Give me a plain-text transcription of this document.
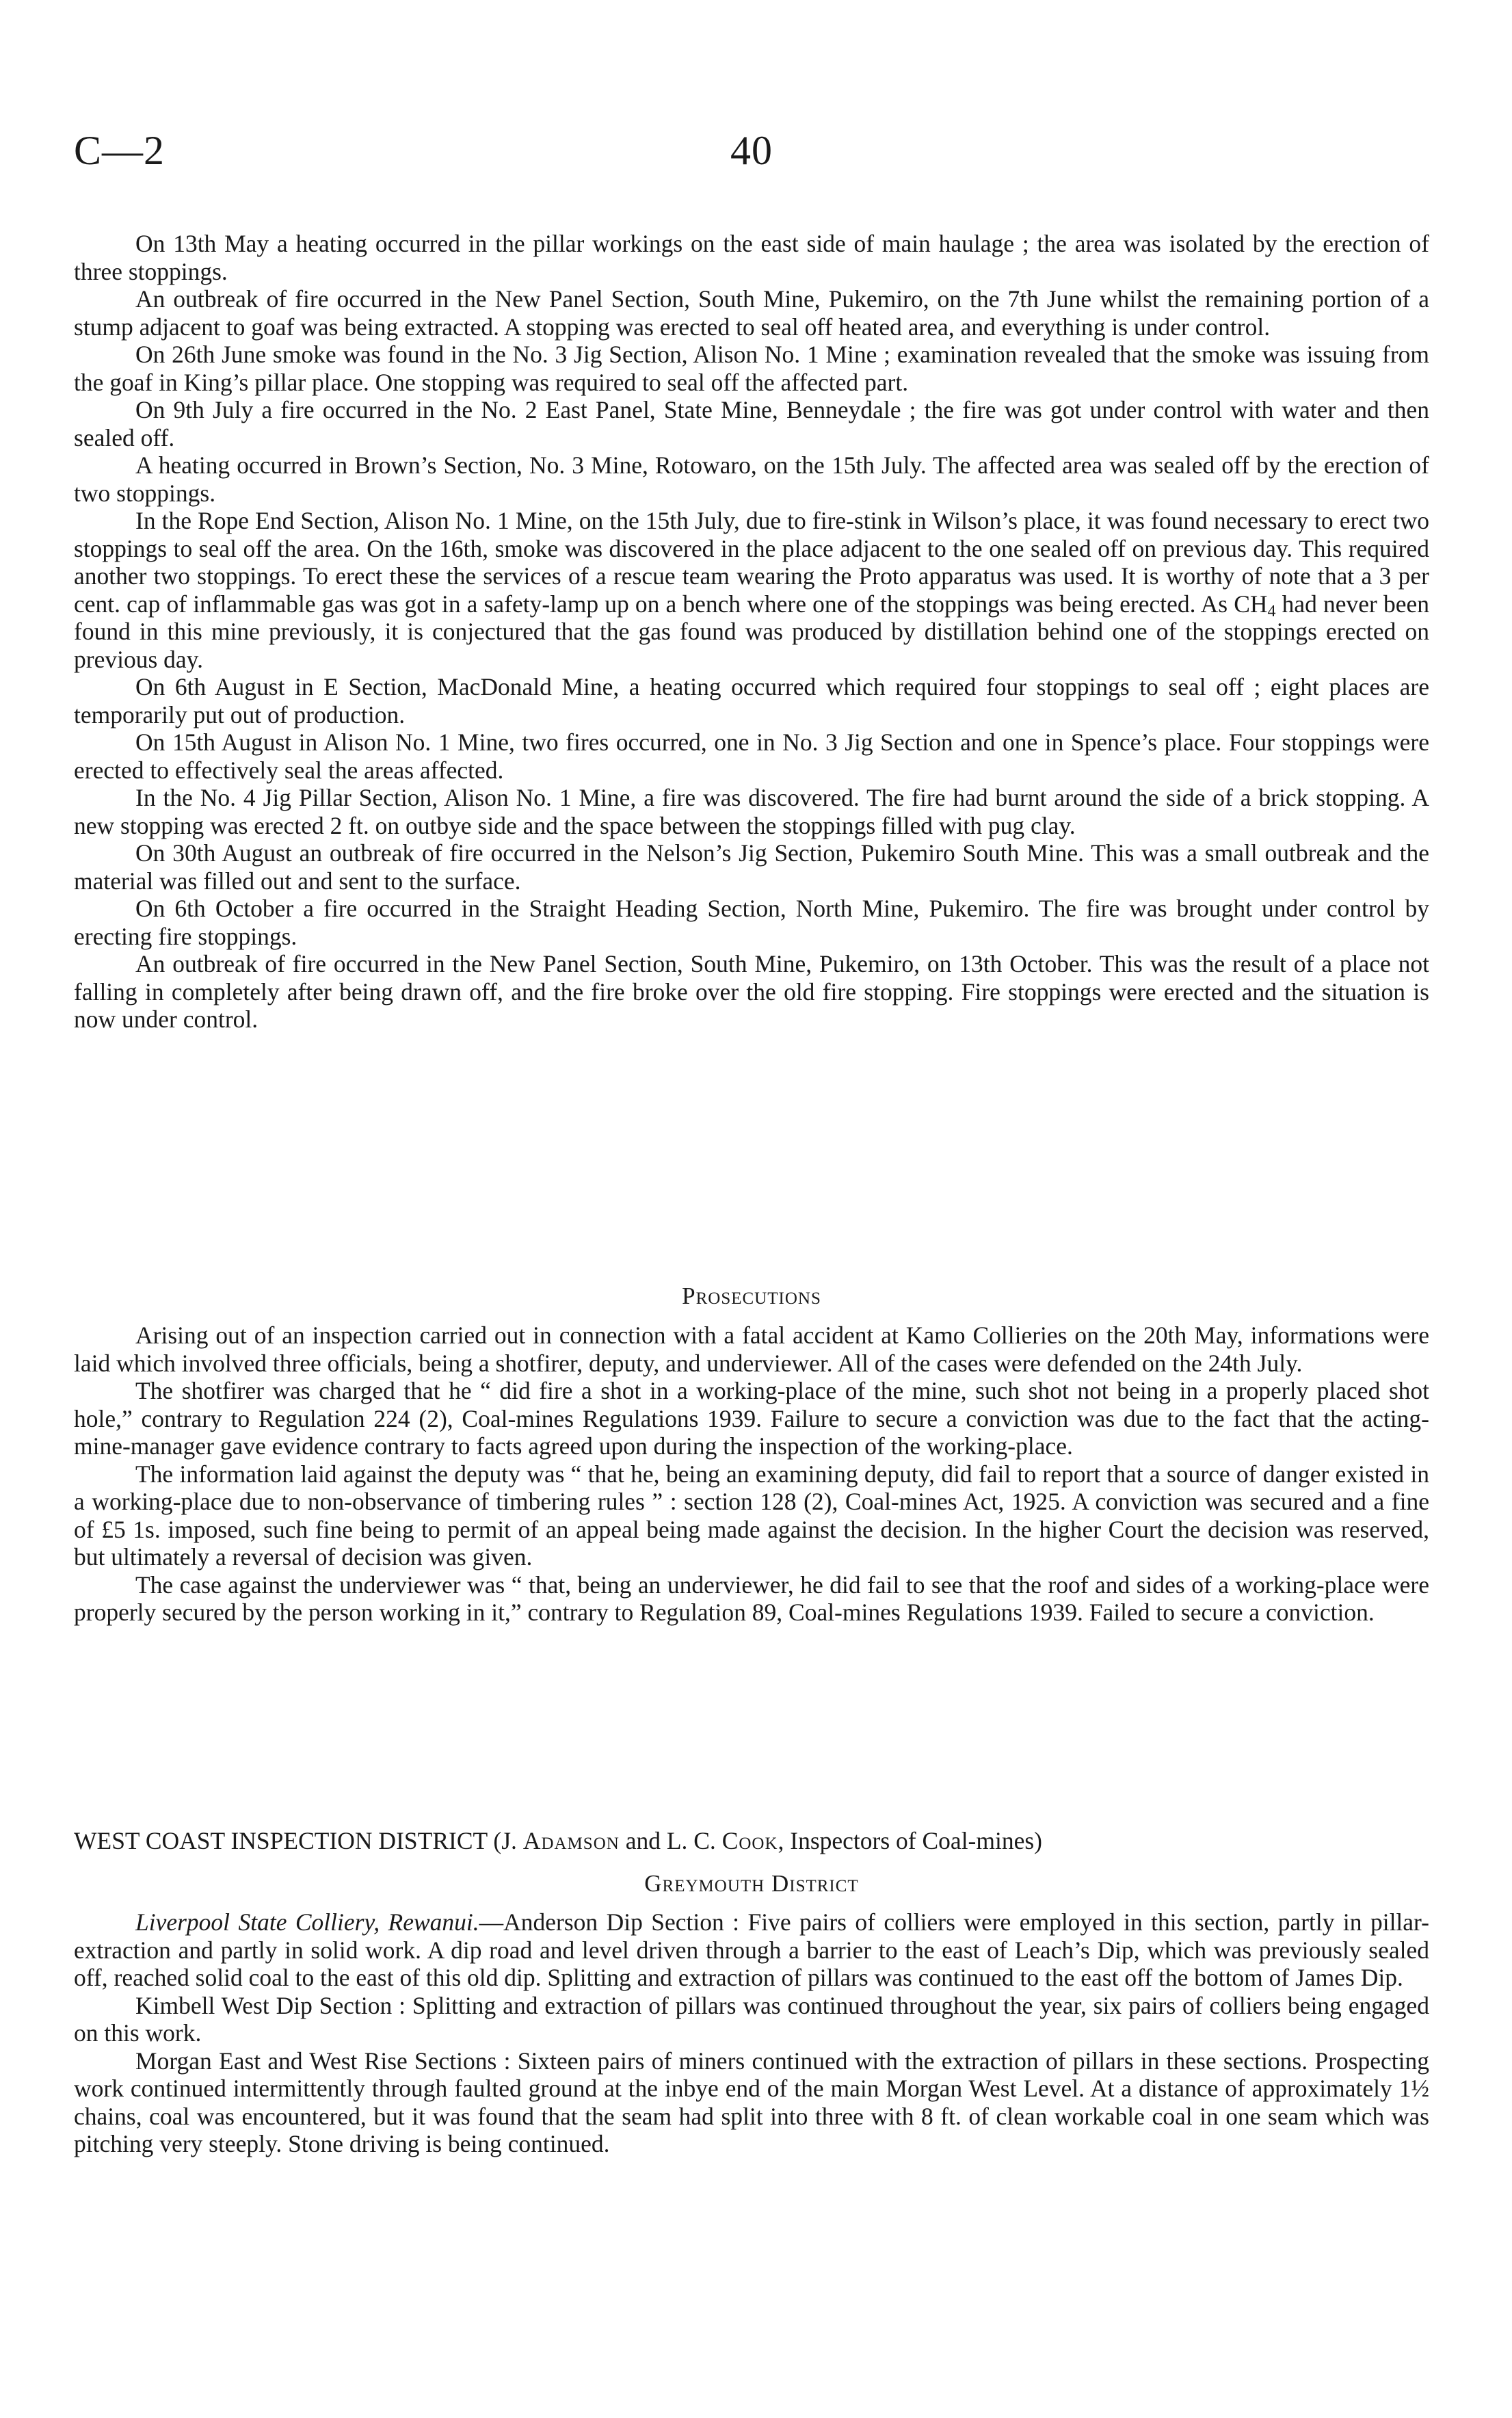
C—2	40

On 13th May a heating occurred in the pillar workings on the east side of main haulage ; the area was isolated by the erection of three stoppings.

An outbreak of fire occurred in the New Panel Section, South Mine, Pukemiro, on the 7th June whilst the remaining portion of a stump adjacent to goaf was being extracted. A stopping was erected to seal off heated area, and everything is under control.

On 26th June smoke was found in the No. 3 Jig Section, Alison No. 1 Mine ; examination revealed that the smoke was issuing from the goaf in King’s pillar place. One stopping was required to seal off the affected part.

On 9th July a fire occurred in the No. 2 East Panel, State Mine, Benneydale ; the fire was got under control with water and then sealed off.

A heating occurred in Brown’s Section, No. 3 Mine, Rotowaro, on the 15th July. The affected area was sealed off by the erection of two stoppings.

In the Rope End Section, Alison No. 1 Mine, on the 15th July, due to fire-stink in Wilson’s place, it was found necessary to erect two stoppings to seal off the area. On the 16th, smoke was discovered in the place adjacent to the one sealed off on previous day. This required another two stoppings. To erect these the services of a rescue team wearing the Proto apparatus was used. It is worthy of note that a 3 per cent. cap of inflammable gas was got in a safety-lamp up on a bench where one of the stoppings was being erected. As $CH_4$ had never been found in this mine previously, it is conjectured that the gas found was produced by distillation behind one of the stoppings erected on previous day.

On 6th August in E Section, MacDonald Mine, a heating occurred which required four stoppings to seal off ; eight places are temporarily put out of production.

On 15th August in Alison No. 1 Mine, two fires occurred, one in No. 3 Jig Section and one in Spence’s place. Four stoppings were erected to effectively seal the areas affected.

In the No. 4 Jig Pillar Section, Alison No. 1 Mine, a fire was discovered. The fire had burnt around the side of a brick stopping. A new stopping was erected 2 ft. on outbye side and the space between the stoppings filled with pug clay.

On 30th August an outbreak of fire occurred in the Nelson’s Jig Section, Pukemiro South Mine. This was a small outbreak and the material was filled out and sent to the surface.

On 6th October a fire occurred in the Straight Heading Section, North Mine, Pukemiro. The fire was brought under control by erecting fire stoppings.

An outbreak of fire occurred in the New Panel Section, South Mine, Pukemiro, on 13th October. This was the result of a place not falling in completely after being drawn off, and the fire broke over the old fire stopping. Fire stoppings were erected and the situation is now under control.

Prosecutions

Arising out of an inspection carried out in connection with a fatal accident at Kamo Collieries on the 20th May, informations were laid which involved three officials, being a shotfirer, deputy, and underviewer. All of the cases were defended on the 24th July.

The shotfirer was charged that he “ did fire a shot in a working-place of the mine, such shot not being in a properly placed shot hole,” contrary to Regulation 224 (2), Coal-mines Regulations 1939. Failure to secure a conviction was due to the fact that the acting-mine-manager gave evidence contrary to facts agreed upon during the inspection of the working-place.

The information laid against the deputy was “ that he, being an examining deputy, did fail to report that a source of danger existed in a working-place due to non-observance of timbering rules ” : section 128 (2), Coal-mines Act, 1925. A conviction was secured and a fine of £5 1s. imposed, such fine being to permit of an appeal being made against the decision. In the higher Court the decision was reserved, but ultimately a reversal of decision was given.

The case against the underviewer was “ that, being an underviewer, he did fail to see that the roof and sides of a working-place were properly secured by the person working in it,” contrary to Regulation 89, Coal-mines Regulations 1939. Failed to secure a conviction.

WEST COAST INSPECTION DISTRICT (J. Adamson and L. C. Cook, Inspectors of Coal-mines)
Greymouth District

Liverpool State Colliery, Rewanui.—Anderson Dip Section : Five pairs of colliers were employed in this section, partly in pillar-extraction and partly in solid work. A dip road and level driven through a barrier to the east of Leach’s Dip, which was previously sealed off, reached solid coal to the east of this old dip. Splitting and extraction of pillars was continued to the east off the bottom of James Dip.

Kimbell West Dip Section : Splitting and extraction of pillars was continued throughout the year, six pairs of colliers being engaged on this work.

Morgan East and West Rise Sections : Sixteen pairs of miners continued with the extraction of pillars in these sections. Prospecting work continued intermittently through faulted ground at the inbye end of the main Morgan West Level. At a distance of approximately 1½ chains, coal was encountered, but it was found that the seam had split into three with 8 ft. of clean workable coal in one seam which was pitching very steeply. Stone driving is being continued.
